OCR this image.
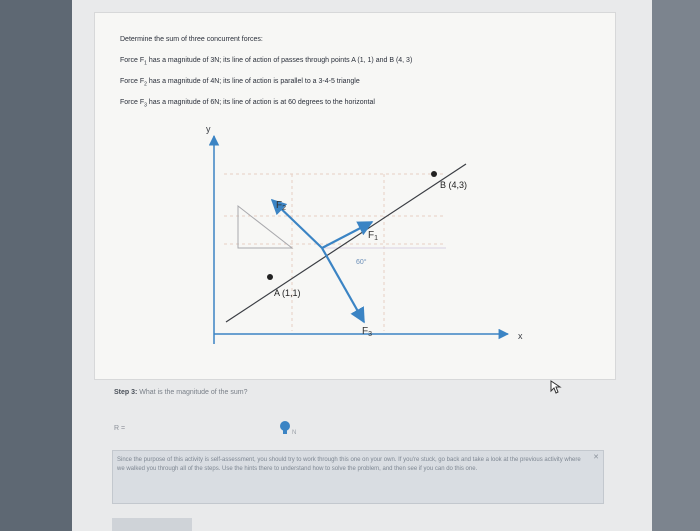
Determine the sum of three concurrent forces:
Force $F_1$ has a magnitude of 3N; its line of action of passes through points A (1, 1) and B (4, 3)
Force $F_2$ has a magnitude of 4N; its line of action is parallel to a 3-4-5 triangle
Force $F_3$ has a magnitude of 6N; its line of action is at 60 degrees to the horizontal
y
x
B (4,3)
A (1,1)
$F_2$
$F_1$
$F_3$
60°
Step 3: What is the magnitude of the sum?
R =
N
Since the purpose of this activity is self-assessment, you should try to work through this one on your own. If you're stuck, go back and take a look at the previous activity where we walked you through all of the steps. Use the hints there to understand how to solve the problem, and then see if you can do this one.
✕
